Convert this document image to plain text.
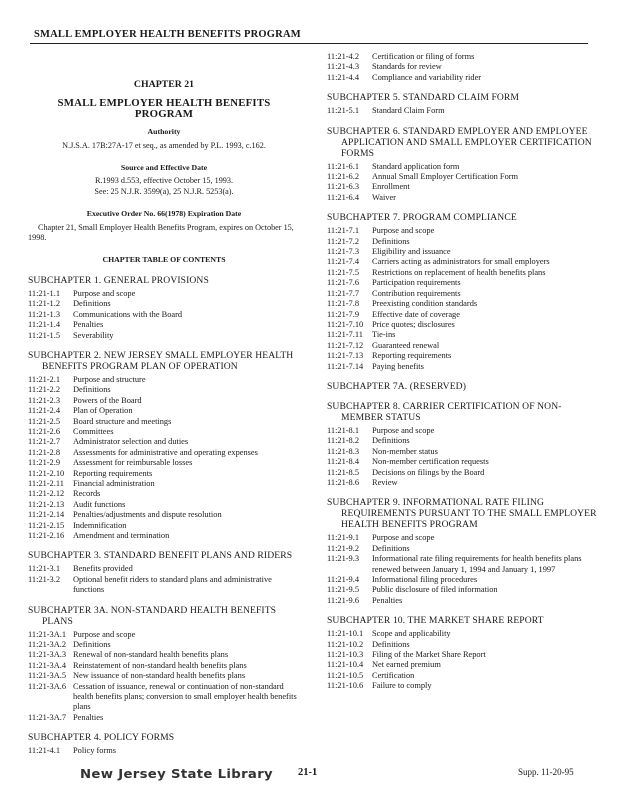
SMALL EMPLOYER HEALTH BENEFITS PROGRAM
CHAPTER 21
SMALL EMPLOYER HEALTH BENEFITS PROGRAM
Authority
N.J.S.A. 17B:27A-17 et seq., as amended by P.L. 1993, c.162.
Source and Effective Date
R.1993 d.553, effective October 15, 1993.
See: 25 N.J.R. 3599(a), 25 N.J.R. 5253(a).
Executive Order No. 66(1978) Expiration Date
Chapter 21, Small Employer Health Benefits Program, expires on October 15, 1998.
CHAPTER TABLE OF CONTENTS
SUBCHAPTER 1. GENERAL PROVISIONS
11:21-1.1	Purpose and scope
11:21-1.2	Definitions
11:21-1.3	Communications with the Board
11:21-1.4	Penalties
11:21-1.5	Severability
SUBCHAPTER 2. NEW JERSEY SMALL EMPLOYER HEALTH BENEFITS PROGRAM PLAN OF OPERATION
11:21-2.1	Purpose and structure
11:21-2.2	Definitions
11:21-2.3	Powers of the Board
11:21-2.4	Plan of Operation
11:21-2.5	Board structure and meetings
11:21-2.6	Committees
11:21-2.7	Administrator selection and duties
11:21-2.8	Assessments for administrative and operating expenses
11:21-2.9	Assessment for reimbursable losses
11:21-2.10	Reporting requirements
11:21-2.11	Financial administration
11:21-2.12	Records
11:21-2.13	Audit functions
11:21-2.14	Penalties/adjustments and dispute resolution
11:21-2.15	Indemnification
11:21-2.16	Amendment and termination
SUBCHAPTER 3. STANDARD BENEFIT PLANS AND RIDERS
11:21-3.1	Benefits provided
11:21-3.2	Optional benefit riders to standard plans and administrative functions
SUBCHAPTER 3A. NON-STANDARD HEALTH BENEFITS PLANS
11:21-3A.1 Purpose and scope
11:21-3A.2 Definitions
11:21-3A.3 Renewal of non-standard health benefits plans
11:21-3A.4 Reinstatement of non-standard health benefits plans
11:21-3A.5 New issuance of non-standard health benefits plans
11:21-3A.6 Cessation of issuance, renewal or continuation of non-standard health benefits plans; conversion to small employer health benefits plans
11:21-3A.7 Penalties
SUBCHAPTER 4. POLICY FORMS
11:21-4.1	Policy forms
11:21-4.2	Certification or filing of forms
11:21-4.3	Standards for review
11:21-4.4	Compliance and variability rider
SUBCHAPTER 5. STANDARD CLAIM FORM
11:21-5.1	Standard Claim Form
SUBCHAPTER 6. STANDARD EMPLOYER AND EMPLOYEE APPLICATION AND SMALL EMPLOYER CERTIFICATION FORMS
11:21-6.1	Standard application form
11:21-6.2	Annual Small Employer Certification Form
11:21-6.3	Enrollment
11:21-6.4	Waiver
SUBCHAPTER 7. PROGRAM COMPLIANCE
11:21-7.1	Purpose and scope
11:21-7.2	Definitions
11:21-7.3	Eligibility and issuance
11:21-7.4	Carriers acting as administrators for small employers
11:21-7.5	Restrictions on replacement of health benefits plans
11:21-7.6	Participation requirements
11:21-7.7	Contribution requirements
11:21-7.8	Preexisting condition standards
11:21-7.9	Effective date of coverage
11:21-7.10	Price quotes; disclosures
11:21-7.11	Tie-ins
11:21-7.12	Guaranteed renewal
11:21-7.13	Reporting requirements
11:21-7.14	Paying benefits
SUBCHAPTER 7A. (RESERVED)
SUBCHAPTER 8. CARRIER CERTIFICATION OF NON-MEMBER STATUS
11:21-8.1	Purpose and scope
11:21-8.2	Definitions
11:21-8.3	Non-member status
11:21-8.4	Non-member certification requests
11:21-8.5	Decisions on filings by the Board
11:21-8.6	Review
SUBCHAPTER 9. INFORMATIONAL RATE FILING REQUIREMENTS PURSUANT TO THE SMALL EMPLOYER HEALTH BENEFITS PROGRAM
11:21-9.1	Purpose and scope
11:21-9.2	Definitions
11:21-9.3	Informational rate filing requirements for health benefits plans renewed between January 1, 1994 and January 1, 1997
11:21-9.4	Informational filing procedures
11:21-9.5	Public disclosure of filed information
11:21-9.6	Penalties
SUBCHAPTER 10. THE MARKET SHARE REPORT
11:21-10.1	Scope and applicability
11:21-10.2	Definitions
11:21-10.3	Filing of the Market Share Report
11:21-10.4	Net earned premium
11:21-10.5	Certification
11:21-10.6	Failure to comply
New Jersey State Library 21-1	Supp. 11-20-95
